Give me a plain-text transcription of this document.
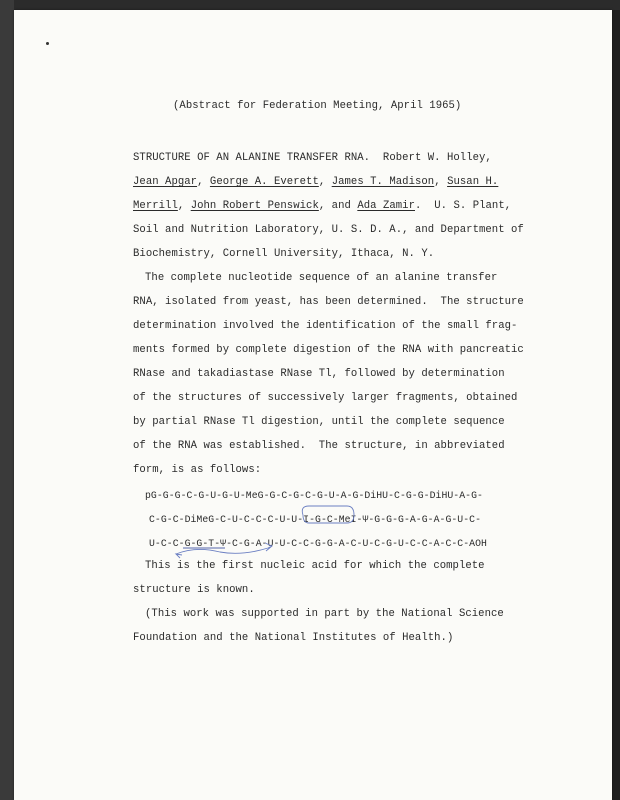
(Abstract for Federation Meeting, April 1965)
STRUCTURE OF AN ALANINE TRANSFER RNA. Robert W. Holley,
Jean Apgar, George A. Everett, James T. Madison, Susan H.
Merrill, John Robert Penswick, and Ada Zamir. U. S. Plant,
Soil and Nutrition Laboratory, U. S. D. A., and Department of
Biochemistry, Cornell University, Ithaca, N. Y.
The complete nucleotide sequence of an alanine transfer
RNA, isolated from yeast, has been determined.  The structure
determination involved the identification of the small frag-
ments formed by complete digestion of the RNA with pancreatic
RNase and takadiastase RNase Tl, followed by determination
of the structures of successively larger fragments, obtained
by partial RNase Tl digestion, until the complete sequence
of the RNA was established.  The structure, in abbreviated
form, is as follows:
pG-G-G-C-G-U-G-U-MeG-G-C-G-C-G-U-A-G-DiHU-C-G-G-DiHU-A-G-
C-G-C-DiMeG-C-U-C-C-C-U-U-I-G-C-MeI-Ψ-G-G-G-A-G-A-G-U-C-
U-C-C-G-G-T-Ψ-C-G-A-U-U-C-C-G-G-A-C-U-C-G-U-C-C-A-C-C-AOH
This is the first nucleic acid for which the complete
structure is known.
(This work was supported in part by the National Science
Foundation and the National Institutes of Health.)
